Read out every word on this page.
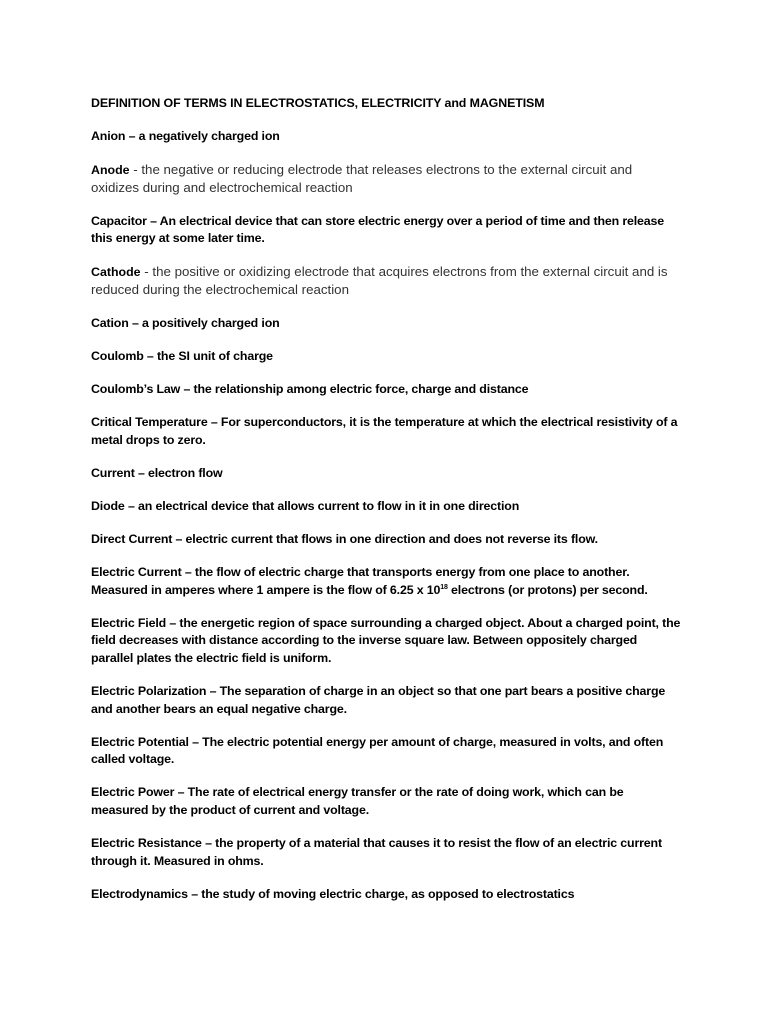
DEFINITION OF TERMS IN ELECTROSTATICS, ELECTRICITY and MAGNETISM

Anion – a negatively charged ion

Anode - the negative or reducing electrode that releases electrons to the external circuit and oxidizes during and electrochemical reaction

Capacitor – An electrical device that can store electric energy over a period of time and then release this energy at some later time.

Cathode - the positive or oxidizing electrode that acquires electrons from the external circuit and is reduced during the electrochemical reaction

Cation – a positively charged ion

Coulomb – the SI unit of charge

Coulomb’s Law – the relationship among electric force, charge and distance

Critical Temperature – For superconductors, it is the temperature at which the electrical resistivity of a metal drops to zero.

Current – electron flow

Diode – an electrical device that allows current to flow in it in one direction

Direct Current – electric current that flows in one direction and does not reverse its flow.

Electric Current – the flow of electric charge that transports energy from one place to another. Measured in amperes where 1 ampere is the flow of 6.25 x $10^{18}$ electrons (or protons) per second.

Electric Field – the energetic region of space surrounding a charged object. About a charged point, the field decreases with distance according to the inverse square law. Between oppositely charged parallel plates the electric field is uniform.

Electric Polarization – The separation of charge in an object so that one part bears a positive charge and another bears an equal negative charge.

Electric Potential – The electric potential energy per amount of charge, measured in volts, and often called voltage.

Electric Power – The rate of electrical energy transfer or the rate of doing work, which can be measured by the product of current and voltage.

Electric Resistance – the property of a material that causes it to resist the flow of an electric current through it. Measured in ohms.

Electrodynamics – the study of moving electric charge, as opposed to electrostatics
